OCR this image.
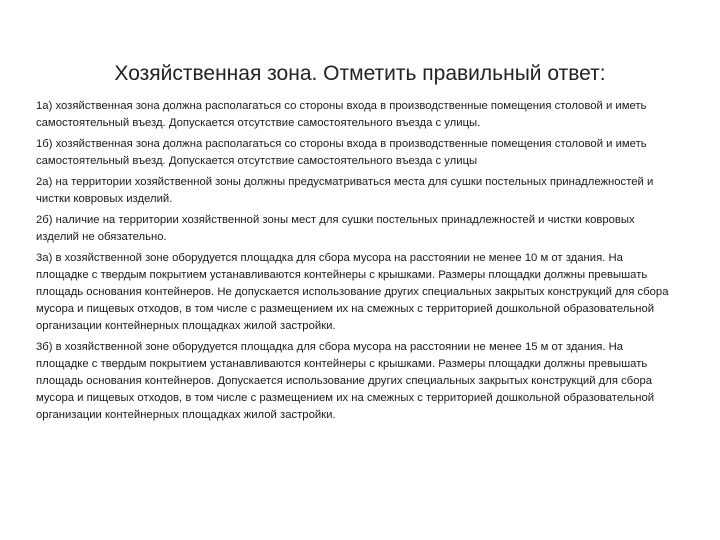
Хозяйственная зона. Отметить правильный ответ:

1а) хозяйственная зона должна располагаться со стороны входа в производственные помещения столовой и иметь самостоятельный въезд. Допускается отсутствие самостоятельного въезда с улицы.

1б) хозяйственная зона должна располагаться со стороны входа в производственные помещения столовой и иметь самостоятельный въезд. Допускается отсутствие самостоятельного въезда с улицы

2а) на территории хозяйственной зоны должны предусматриваться места для сушки постельных принадлежностей и чистки ковровых изделий.

2б) наличие на территории хозяйственной зоны мест для сушки постельных принадлежностей и чистки ковровых изделий не обязательно.

3а) в хозяйственной зоне оборудуется площадка для сбора мусора на расстоянии не менее 10 м от здания. На площадке с твердым покрытием устанавливаются контейнеры с крышками. Размеры площадки должны превышать площадь основания контейнеров. Не допускается использование других специальных закрытых конструкций для сбора мусора и пищевых отходов, в том числе с размещением их на смежных с территорией дошкольной образовательной организации контейнерных площадках жилой застройки.

3б) в хозяйственной зоне оборудуется площадка для сбора мусора на расстоянии не менее 15 м от здания. На площадке с твердым покрытием устанавливаются контейнеры с крышками. Размеры площадки должны превышать площадь основания контейнеров. Допускается использование других специальных закрытых конструкций для сбора мусора и пищевых отходов, в том числе с размещением их на смежных с территорией дошкольной образовательной организации контейнерных площадках жилой застройки.
